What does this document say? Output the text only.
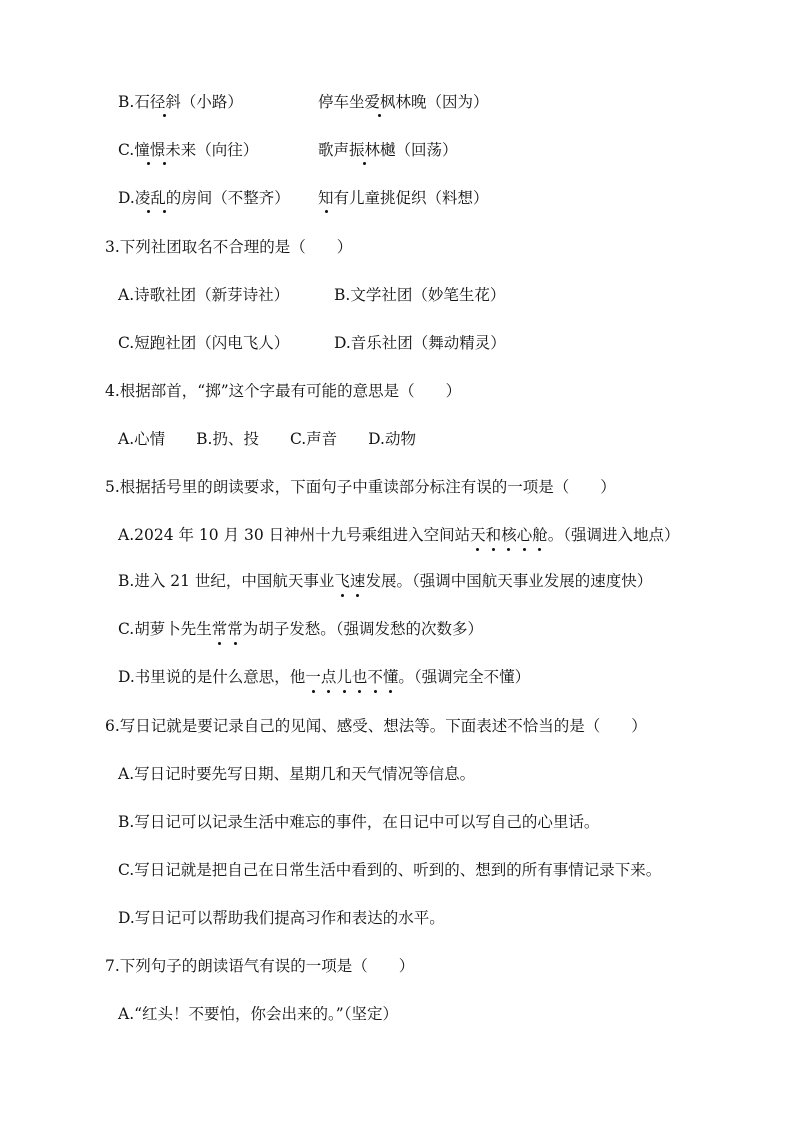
B.石径斜（小路）	停车坐爱枫林晚（因为）
C.憧憬未来（向往）	歌声振林樾（回荡）
D.凌乱的房间（不整齐） 知有儿童挑促织（料想）
3.下列社团取名不合理的是（　　）
A.诗歌社团（新芽诗社）	B.文学社团（妙笔生花）
C.短跑社团（闪电飞人）	D.音乐社团（舞动精灵）
4.根据部首，“掷”这个字最有可能的意思是（　　）
A.心情　　B.扔、投　　C.声音　　D.动物
5.根据括号里的朗读要求，下面句子中重读部分标注有误的一项是（　　）
A.2024 年 10 月 30 日神州十九号乘组进入空间站天和核心舱。（强调进入地点）
B.进入 21 世纪，中国航天事业飞速发展。（强调中国航天事业发展的速度快）
C.胡萝卜先生常常为胡子发愁。（强调发愁的次数多）
D.书里说的是什么意思，他一点儿也不懂。（强调完全不懂）
6.写日记就是要记录自己的见闻、感受、想法等。下面表述不恰当的是（　　）
A.写日记时要先写日期、星期几和天气情况等信息。
B.写日记可以记录生活中难忘的事件，在日记中可以写自己的心里话。
C.写日记就是把自己在日常生活中看到的、听到的、想到的所有事情记录下来。
D.写日记可以帮助我们提高习作和表达的水平。
7.下列句子的朗读语气有误的一项是（　　）
A.“红头！不要怕，你会出来的。”（坚定）
